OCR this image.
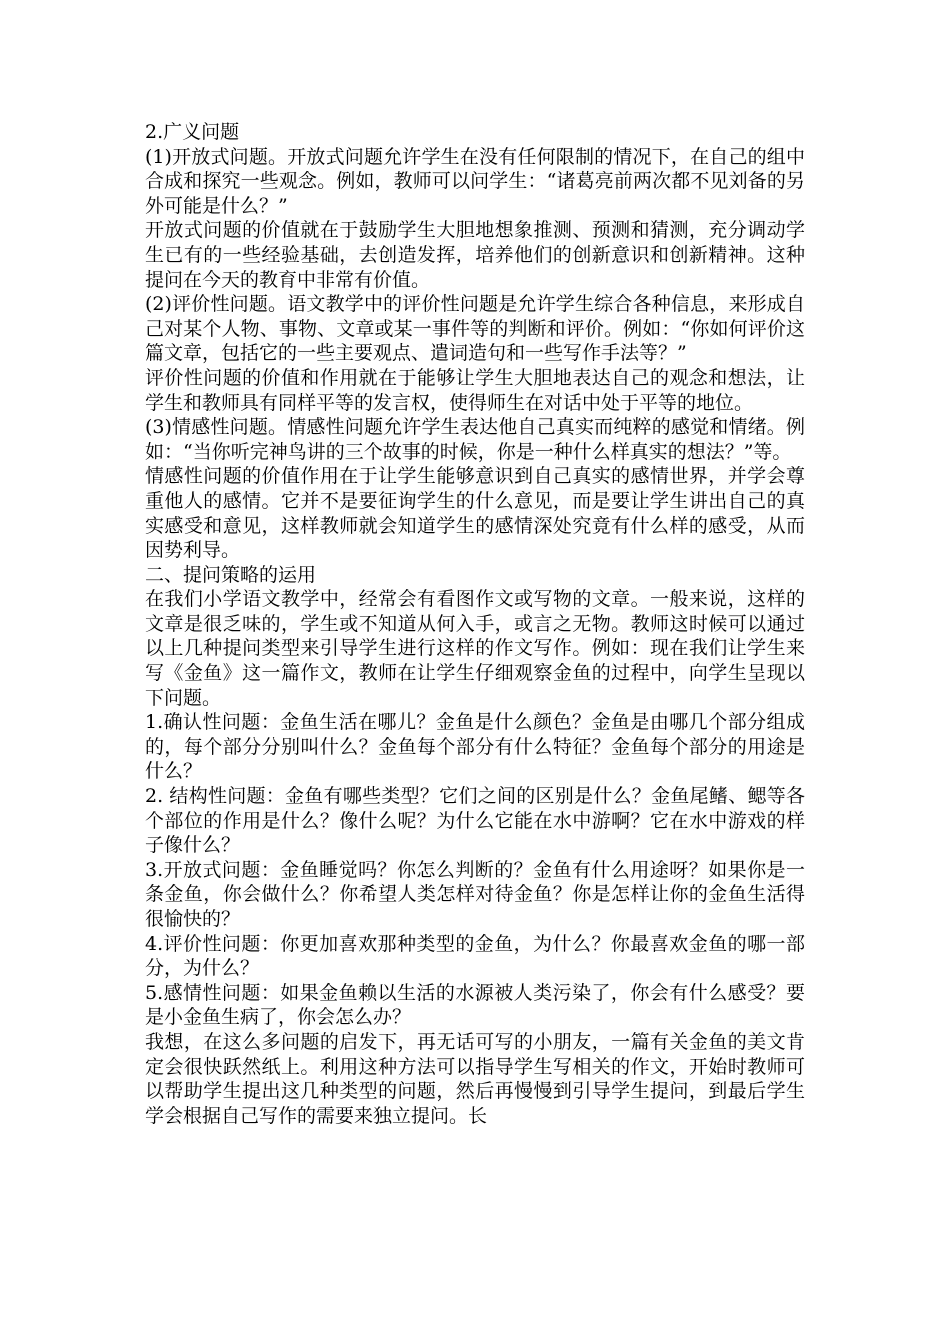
2.广义问题

(1)开放式问题。开放式问题允许学生在没有任何限制的情况下，在自己的组中合成和探究一些观念。例如，教师可以问学生：“诸葛亮前两次都不见刘备的另外可能是什么？”

开放式问题的价值就在于鼓励学生大胆地想象推测、预测和猜测，充分调动学生已有的一些经验基础，去创造发挥，培养他们的创新意识和创新精神。这种提问在今天的教育中非常有价值。

(2)评价性问题。语文教学中的评价性问题是允许学生综合各种信息，来形成自己对某个人物、事物、文章或某一事件等的判断和评价。例如：“你如何评价这篇文章，包括它的一些主要观点、遣词造句和一些写作手法等？”

评价性问题的价值和作用就在于能够让学生大胆地表达自己的观念和想法，让学生和教师具有同样平等的发言权，使得师生在对话中处于平等的地位。

(3)情感性问题。情感性问题允许学生表达他自己真实而纯粹的感觉和情绪。例如：“当你听完神鸟讲的三个故事的时候，你是一种什么样真实的想法？”等。

情感性问题的价值作用在于让学生能够意识到自己真实的感情世界，并学会尊重他人的感情。它并不是要征询学生的什么意见，而是要让学生讲出自己的真实感受和意见，这样教师就会知道学生的感情深处究竟有什么样的感受，从而因势利导。

二、提问策略的运用

在我们小学语文教学中，经常会有看图作文或写物的文章。一般来说，这样的文章是很乏味的，学生或不知道从何入手，或言之无物。教师这时候可以通过以上几种提问类型来引导学生进行这样的作文写作。例如：现在我们让学生来写《金鱼》这一篇作文，教师在让学生仔细观察金鱼的过程中，向学生呈现以下问题。

1.确认性问题：金鱼生活在哪儿？金鱼是什么颜色？金鱼是由哪几个部分组成的，每个部分分别叫什么？金鱼每个部分有什么特征？金鱼每个部分的用途是什么？

2. 结构性问题：金鱼有哪些类型？它们之间的区别是什么？金鱼尾鳍、鳃等各个部位的作用是什么？像什么呢？为什么它能在水中游啊？它在水中游戏的样子像什么？

3.开放式问题：金鱼睡觉吗？你怎么判断的？金鱼有什么用途呀？如果你是一条金鱼，你会做什么？你希望人类怎样对待金鱼？你是怎样让你的金鱼生活得很愉快的？

4.评价性问题：你更加喜欢那种类型的金鱼，为什么？你最喜欢金鱼的哪一部分，为什么？

5.感情性问题：如果金鱼赖以生活的水源被人类污染了，你会有什么感受？要是小金鱼生病了，你会怎么办？

我想，在这么多问题的启发下，再无话可写的小朋友，一篇有关金鱼的美文肯定会很快跃然纸上。利用这种方法可以指导学生写相关的作文，开始时教师可以帮助学生提出这几种类型的问题，然后再慢慢到引导学生提问，到最后学生学会根据自己写作的需要来独立提问。长
